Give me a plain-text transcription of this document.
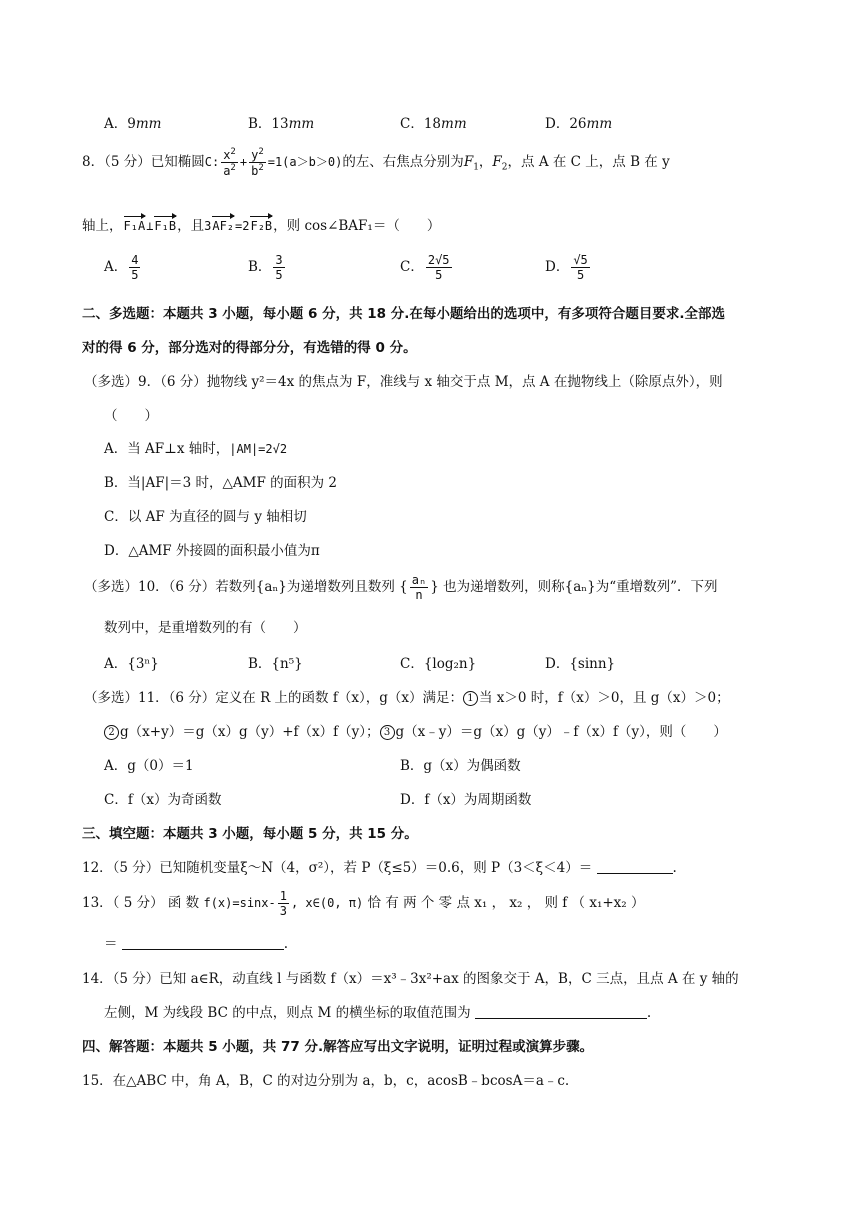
A．9mm	B．13mm	C．18mm	D．26mm
8．（5 分）已知椭圆C: $\frac{x^2}{a^2} + \frac{y^2}{b^2} =1(a>b>0)$的左、右焦点分别为$F_1$，$F_2$，点 A 在 C 上，点 B 在 y
轴上，F₁A⊥F₁B，且3AF₂=2F₂B，则 cos∠BAF₁＝（　　）
A． $\frac{4}{5}$	B． $\frac{3}{5}$	C． $\frac{2√5}{5}$	D． $\frac{√5}{5}$
二、多选题：本题共 3 小题，每小题 6 分，共 18 分.在每小题给出的选项中，有多项符合题目要求.全部选
对的得 6 分，部分选对的得部分分，有选错的得 0 分。
（多选）9．（6 分）抛物线 y²＝4x 的焦点为 F，准线与 x 轴交于点 M，点 A 在抛物线上（除原点外），则
（　　）
A．当 AF⊥x 轴时，|AM|=2√2
B．当|AF|＝3 时，△AMF 的面积为 2
C．以 AF 为直径的圆与 y 轴相切
D．△AMF 外接圆的面积最小值为π
（多选）10．（6 分）若数列{aₙ}为递增数列且数列 { $\frac{\text{aₙ}}{n}$ } 也为递增数列，则称{aₙ}为“重增数列”．下列
数列中，是重增数列的有（　　）
A．{3ⁿ}	B．{n⁵}	C．{log₂n}	D．{sinn}
（多选）11．（6 分）定义在 R 上的函数 f（x），g（x）满足： 1 当 x＞0 时，f（x）＞0，且 g（x）＞0；
2 g（x+y）＝g（x）g（y）+f（x）f（y）； 3 g（x﹣y）＝g（x）g（y）﹣f（x）f（y），则（　　）
A．g（0）＝1	B．g（x）为偶函数
C．f（x）为奇函数	D．f（x）为周期函数
三、填空题：本题共 3 小题，每小题 5 分，共 15 分。
12．（5 分）已知随机变量ξ～N（4，σ²），若 P（ξ≤5）＝0.6，则 P（3＜ξ＜4）＝	.
13．（ 5 分） 函 数 $f(x)=\sin x- \frac{1}{3}$ , x∈(0, π) 恰 有 两 个 零 点 x₁ ， x₂ ， 则 f （ x₁+x₂ ）
＝	.
14．（5 分）已知 a∈R，动直线 l 与函数 f（x）＝x³﹣3x²+ax 的图象交于 A，B，C 三点，且点 A 在 y 轴的
左侧，M 为线段 BC 的中点，则点 M 的横坐标的取值范围为	.
四、解答题：本题共 5 小题，共 77 分.解答应写出文字说明，证明过程或演算步骤。
15．在△ABC 中，角 A，B，C 的对边分别为 a，b，c，acosB﹣bcosA＝a﹣c.
